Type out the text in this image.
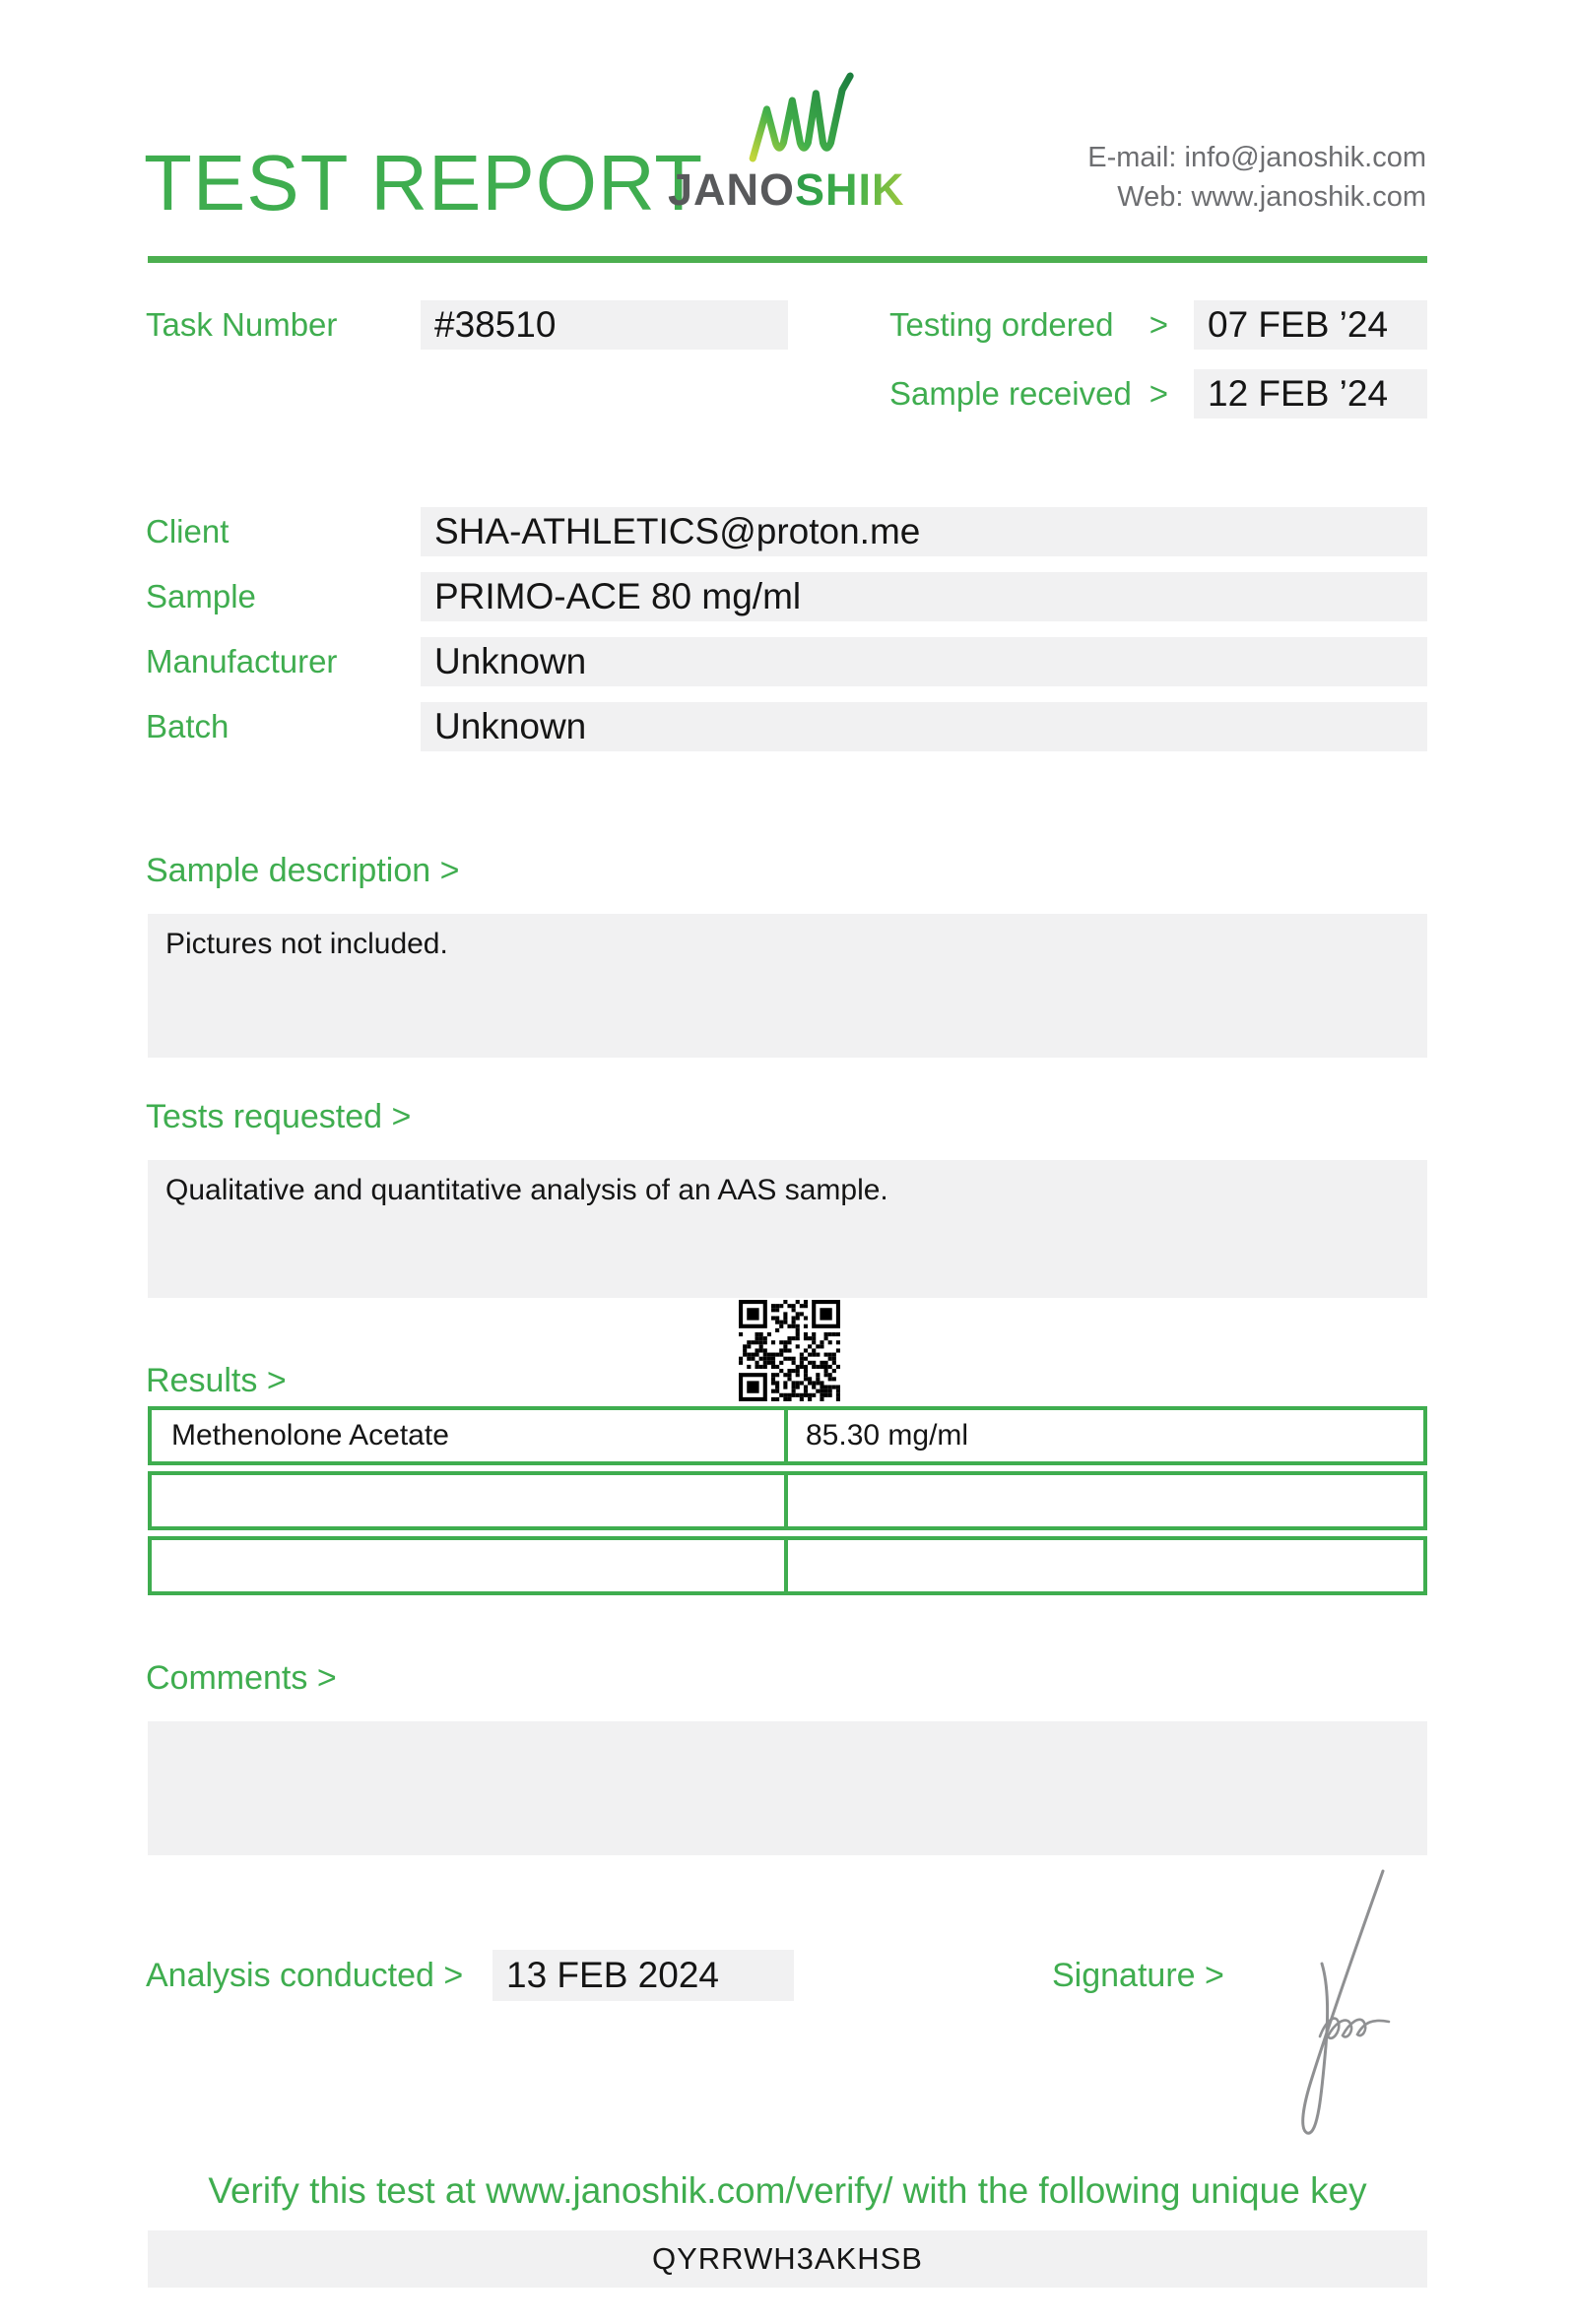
TEST REPORT
JANOSHIK
E-mail: info@janoshik.com
Web: www.janoshik.com
Task Number	#38510	Testing ordered >	07 FEB ’24
Sample received >	12 FEB ’24
Client	SHA-ATHLETICS@proton.me
Sample	PRIMO-ACE 80 mg/ml
Manufacturer	Unknown
Batch	Unknown
Sample description >
Pictures not included.
Tests requested >
Qualitative and quantitative analysis of an AAS sample.
Results >
Methenolone Acetate	85.30 mg/ml
Comments >
Analysis conducted >	13 FEB 2024	Signature >
Verify this test at www.janoshik.com/verify/ with the following unique key
QYRRWH3AKHSB
